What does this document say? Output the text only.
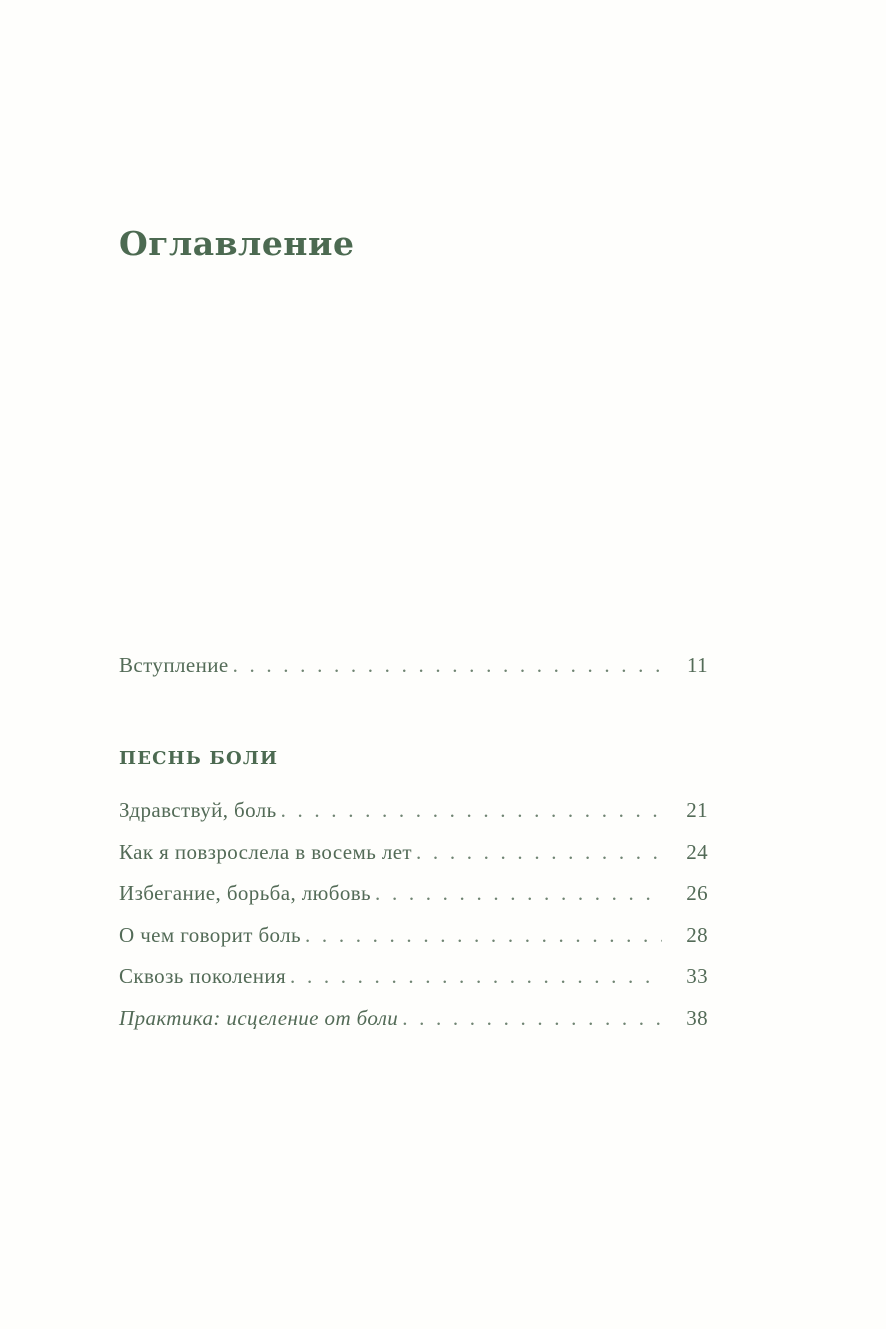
Оглавление
Вступление . . .	11
ПЕСНЬ БОЛИ
Здравствуй, боль . . .	21
Как я повзрослела в восемь лет . . .	24
Избегание, борьба, любовь . . .	26
О чем говорит боль . . .	28
Сквозь поколения . . .	33
Практика: исцеление от боли . . .	38
